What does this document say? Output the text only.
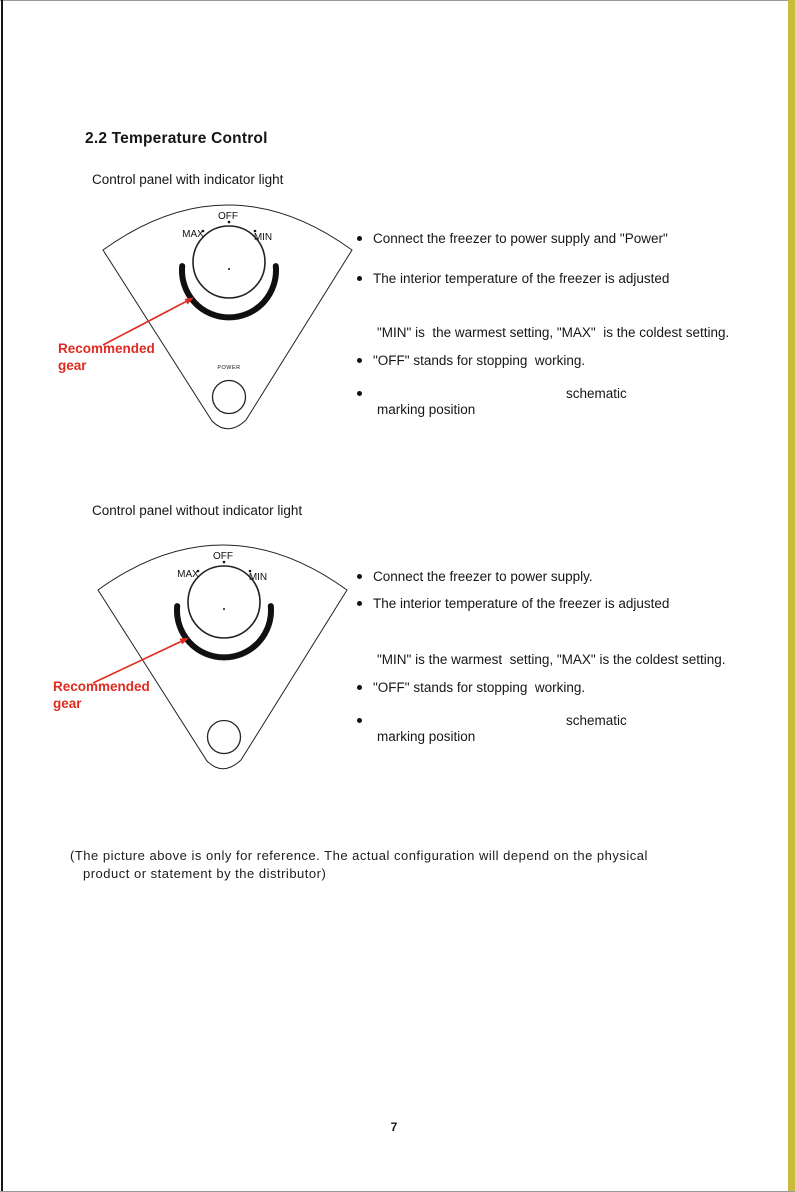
2.2 Temperature Control
Control panel with indicator light
OFF
MAX	MIN
POWER
Recommended
gear
Connect the freezer to power supply and "Power"
The interior temperature of the freezer is adjusted
"MIN" is  the warmest setting, "MAX"  is the coldest setting.
"OFF" stands for stopping  working.
schematic
marking position
Control panel without indicator light
OFF
MAX	MIN
Recommended
gear
Connect the freezer to power supply.
The interior temperature of the freezer is adjusted
"MIN" is the warmest  setting, "MAX" is the coldest setting.
"OFF" stands for stopping  working.
schematic
marking position
(The picture above is only for reference. The actual configuration will depend on the physical
product or statement by the distributor)
7
